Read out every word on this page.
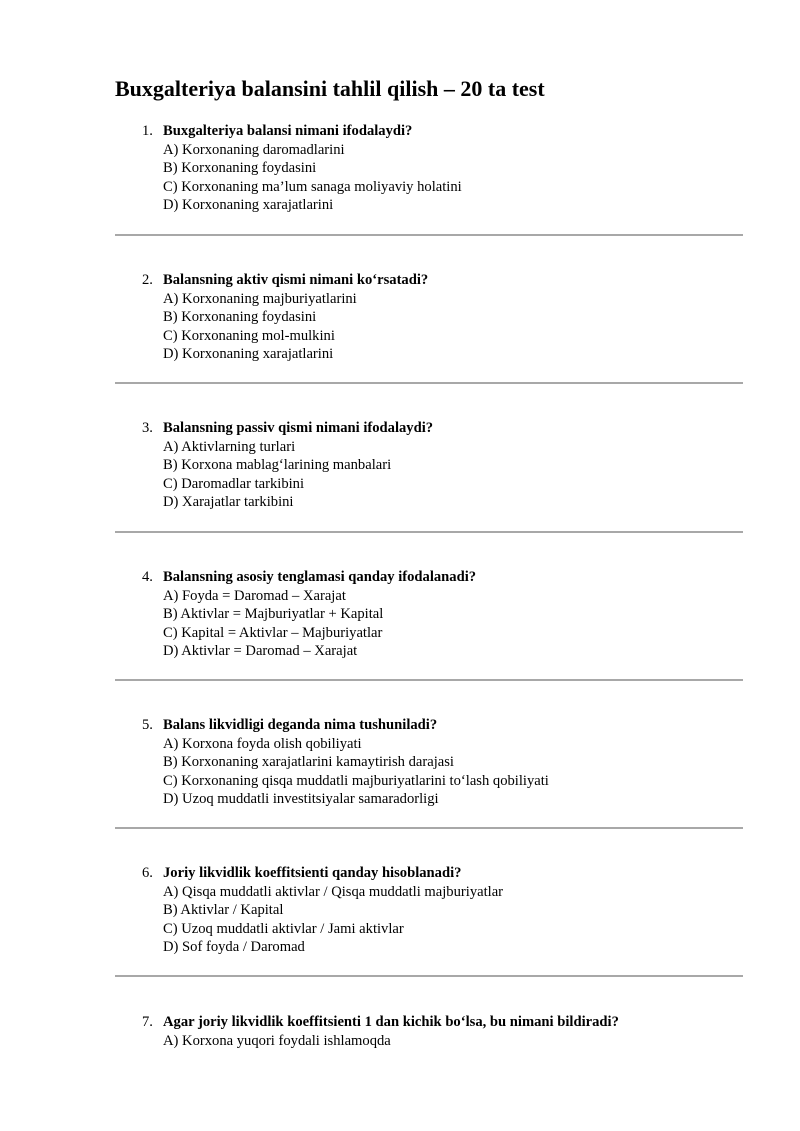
Buxgalteriya balansini tahlil qilish – 20 ta test
1. Buxgalteriya balansi nimani ifodalaydi?
A) Korxonaning daromadlarini
B) Korxonaning foydasini
C) Korxonaning ma’lum sanaga moliyaviy holatini
D) Korxonaning xarajatlarini
2. Balansning aktiv qismi nimani ko‘rsatadi?
A) Korxonaning majburiyatlarini
B) Korxonaning foydasini
C) Korxonaning mol-mulkini
D) Korxonaning xarajatlarini
3. Balansning passiv qismi nimani ifodalaydi?
A) Aktivlarning turlari
B) Korxona mablag‘larining manbalari
C) Daromadlar tarkibini
D) Xarajatlar tarkibini
4. Balansning asosiy tenglamasi qanday ifodalanadi?
A) Foyda = Daromad – Xarajat
B) Aktivlar = Majburiyatlar + Kapital
C) Kapital = Aktivlar – Majburiyatlar
D) Aktivlar = Daromad – Xarajat
5. Balans likvidligi deganda nima tushuniladi?
A) Korxona foyda olish qobiliyati
B) Korxonaning xarajatlarini kamaytirish darajasi
C) Korxonaning qisqa muddatli majburiyatlarini to‘lash qobiliyati
D) Uzoq muddatli investitsiyalar samaradorligi
6. Joriy likvidlik koeffitsienti qanday hisoblanadi?
A) Qisqa muddatli aktivlar / Qisqa muddatli majburiyatlar
B) Aktivlar / Kapital
C) Uzoq muddatli aktivlar / Jami aktivlar
D) Sof foyda / Daromad
7. Agar joriy likvidlik koeffitsienti 1 dan kichik bo‘lsa, bu nimani bildiradi?
A) Korxona yuqori foydali ishlamoqda
